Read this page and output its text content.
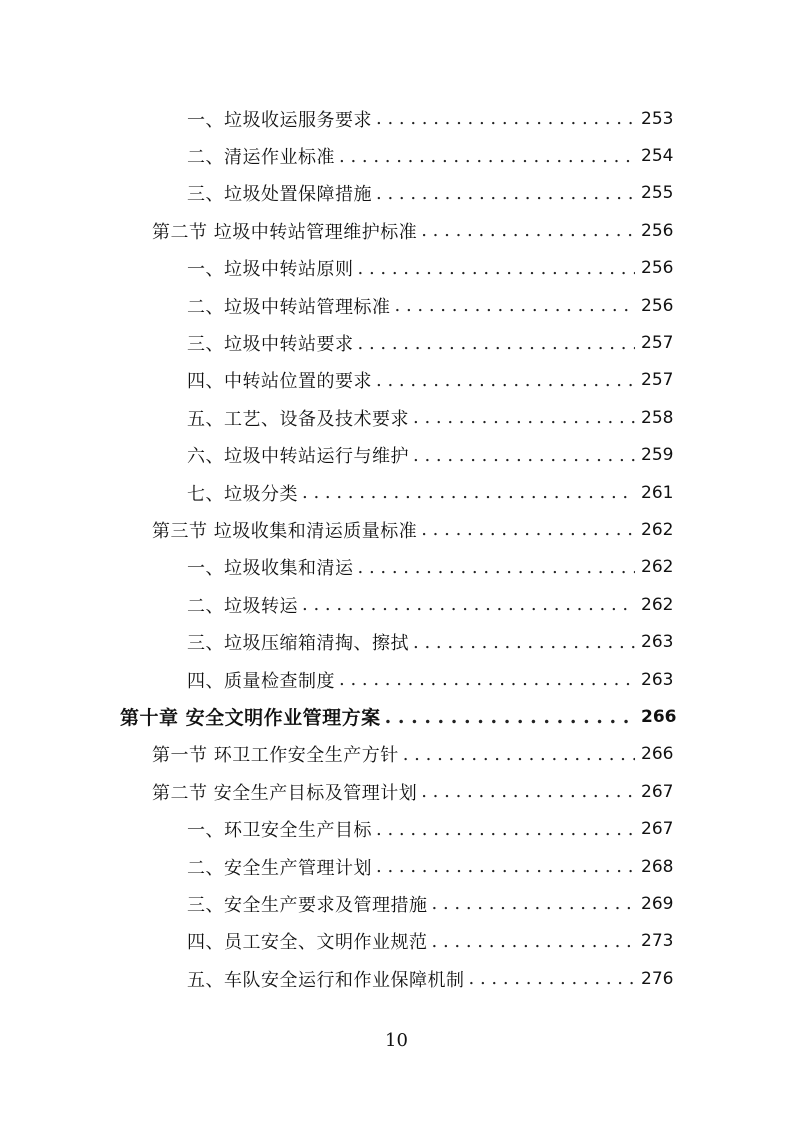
一、垃圾收运服务要求 . . .	253
二、清运作业标准 . . .	254
三、垃圾处置保障措施 . . .	255
第二节 垃圾中转站管理维护标准 . . .	256
一、垃圾中转站原则 . . .	256
二、垃圾中转站管理标准 . . .	256
三、垃圾中转站要求 . . .	257
四、中转站位置的要求 . . .	257
五、工艺、设备及技术要求 . . .	258
六、垃圾中转站运行与维护 . . .	259
七、垃圾分类 . . .	261
第三节 垃圾收集和清运质量标准 . . .	262
一、垃圾收集和清运 . . .	262
二、垃圾转运 . . .	262
三、垃圾压缩箱清掏、擦拭 . . .	263
四、质量检查制度 . . .	263
第十章 安全文明作业管理方案 . . .	266
第一节 环卫工作安全生产方针 . . .	266
第二节 安全生产目标及管理计划 . . .	267
一、环卫安全生产目标 . . .	267
二、安全生产管理计划 . . .	268
三、安全生产要求及管理措施 . . .	269
四、员工安全、文明作业规范 . . .	273
五、车队安全运行和作业保障机制 . . .	276
10
